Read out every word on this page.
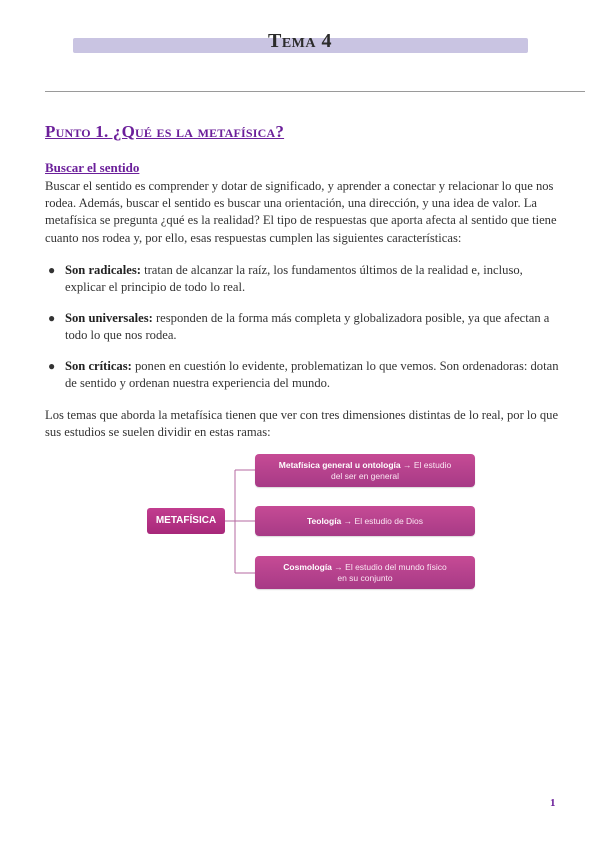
Tema 4
Punto 1. ¿Qué es la metafísica?
Buscar el sentido
Buscar el sentido es comprender y dotar de significado, y aprender a conectar y relacionar lo que nos rodea. Además, buscar el sentido es buscar una orientación, una dirección, y una idea de valor. La metafísica se pregunta ¿qué es la realidad? El tipo de respuestas que aporta afecta al sentido que tiene cuanto nos rodea y, por ello, esas respuestas cumplen las siguientes características:
● Son radicales: tratan de alcanzar la raíz, los fundamentos últimos de la realidad e, incluso, explicar el principio de todo lo real.
● Son universales: responden de la forma más completa y globalizadora posible, ya que afectan a todo lo que nos rodea.
● Son críticas: ponen en cuestión lo evidente, problematizan lo que vemos. Son ordenadoras: dotan de sentido y ordenan nuestra experiencia del mundo.
Los temas que aborda la metafísica tienen que ver con tres dimensiones distintas de lo real, por lo que sus estudios se suelen dividir en estas ramas:
METAFÍSICA
Metafísica general u ontología → El estudio
del ser en general
Teología → El estudio de Dios
Cosmología → El estudio del mundo físico
en su conjunto
1
